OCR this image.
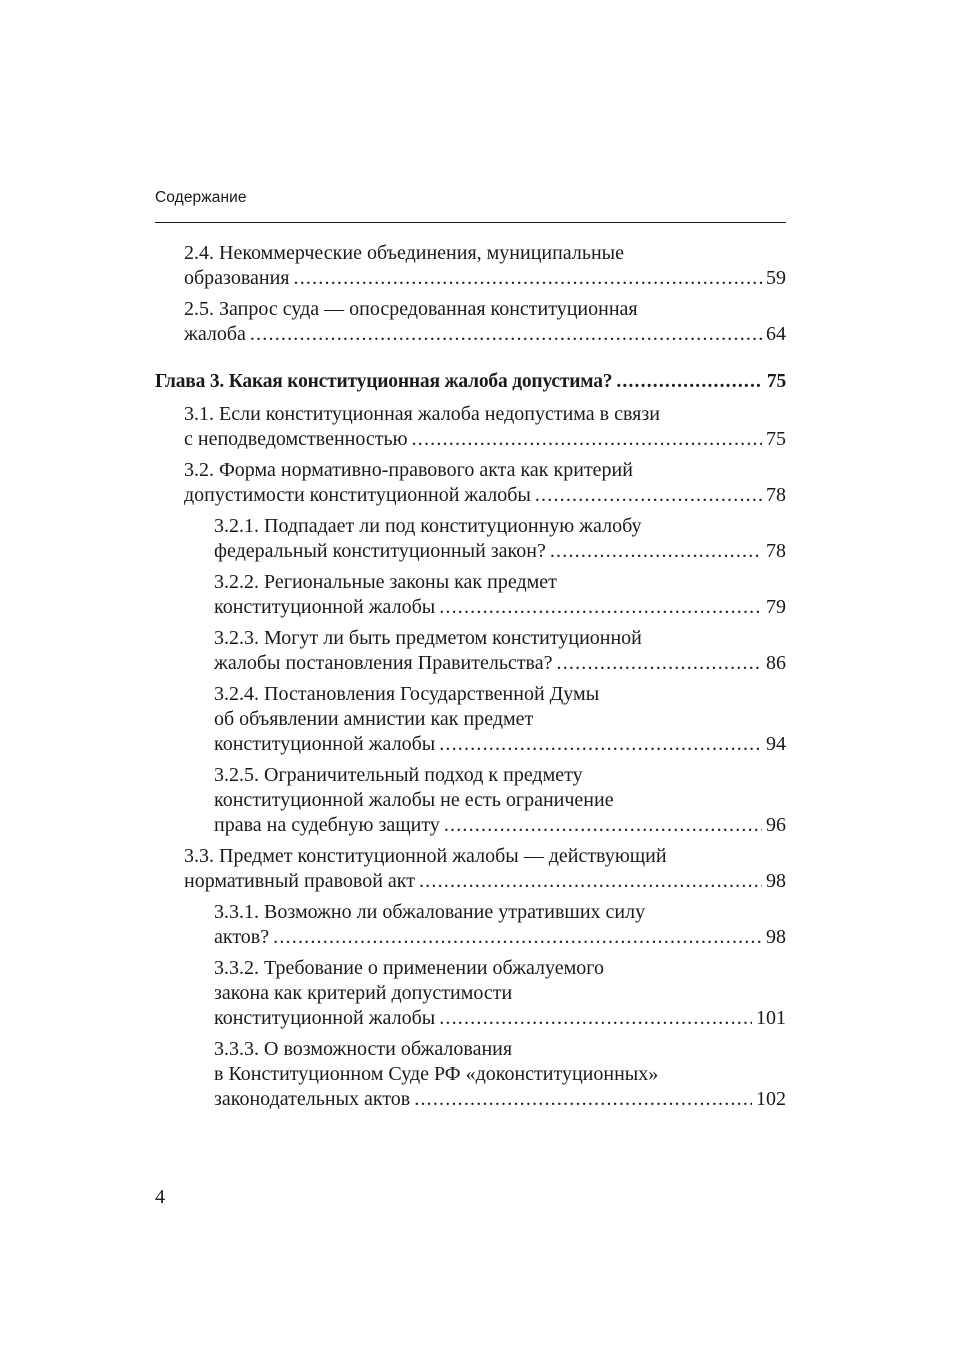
Содержание
2.4. Некоммерческие объединения, муниципальные
образования .....	59
2.5. Запрос суда — опосредованная конституционная
жалоба .....	64
Глава 3. Какая конституционная жалоба допустима? .....	75
3.1. Если конституционная жалоба недопустима в связи
с неподведомственностью .....	75
3.2. Форма нормативно-правового акта как критерий
допустимости конституционной жалобы .....	78
3.2.1. Подпадает ли под конституционную жалобу
федеральный конституционный закон? .....	78
3.2.2. Региональные законы как предмет
конституционной жалобы .....	79
3.2.3. Могут ли быть предметом конституционной
жалобы постановления Правительства? .....	86
3.2.4. Постановления Государственной Думы
об объявлении амнистии как предмет
конституционной жалобы .....	94
3.2.5. Ограничительный подход к предмету
конституционной жалобы не есть ограничение
права на судебную защиту .....	96
3.3. Предмет конституционной жалобы — действующий
нормативный правовой акт .....	98
3.3.1. Возможно ли обжалование утративших силу
актов? .....	98
3.3.2. Требование о применении обжалуемого
закона как критерий допустимости
конституционной жалобы .....	101
3.3.3. О возможности обжалования
в Конституционном Суде РФ «доконституционных»
законодательных актов .....	102
4
